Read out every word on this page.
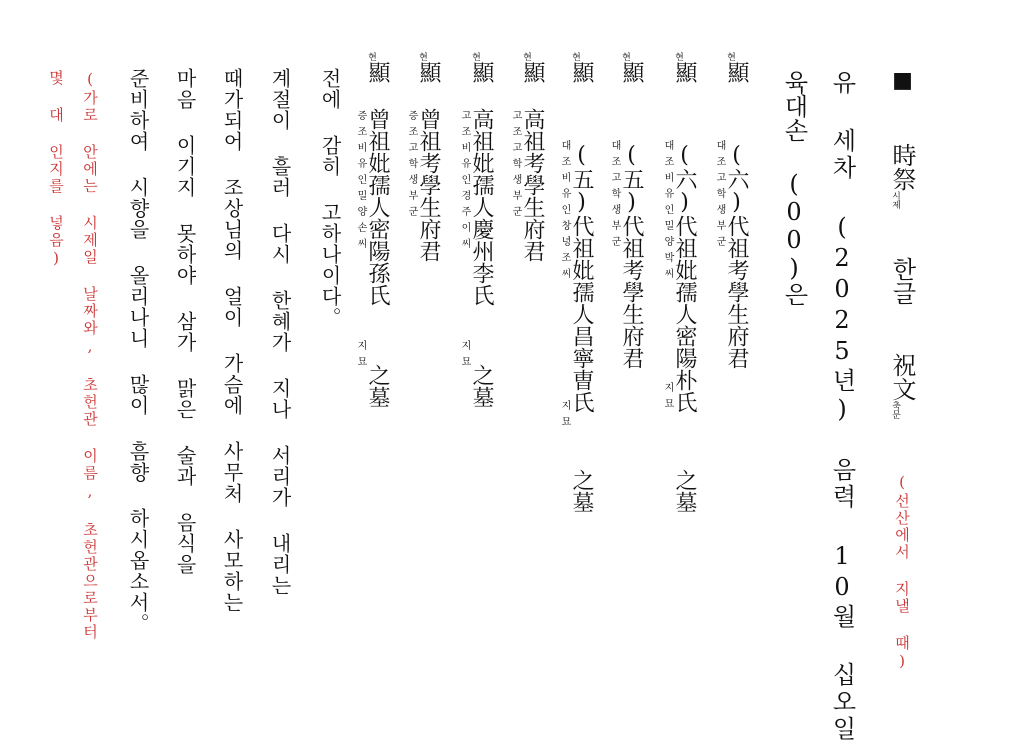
■  時祭시제  한글  祝文축문  (선산에서 지낼 때)
유 세차 (2025년) 음력 10월 십오일
육대손 (00)은
현顯  (六)代祖考學生府君
대조고학생부군
현顯  (六)代祖妣孺人密陽朴氏  之墓
대조비유인밀양박씨
지묘
현顯  (五)代祖考學生府君
대조고학생부군
현顯  (五)代祖妣孺人昌寧曺氏  之墓
대조비유인창녕조씨
지묘
현顯 高祖考學生府君
고조고학생부군
현顯 高祖妣孺人慶州李氏  之墓
고조비유인경주이씨
지묘
현顯 曾祖考學生府君
증조고학생부군
현顯 曾祖妣孺人密陽孫氏  之墓
증조비유인밀양손씨
지묘
전에 감히 고하나이다。
계절이 흘러 다시 한혜가 지나 서리가 내리는
때가되어 조상님의 얼이 가슴에 사무처 사모하는
마음 이기지 못하야 삼가 맑은 술과 음식을
준비하여 시향을 올리나니 많이 흠향 하시옵소서。
(가로 안에는 시제일 날짜와, 초헌관 이름, 초헌관으로부터
몇 대 인지를 넣음)
